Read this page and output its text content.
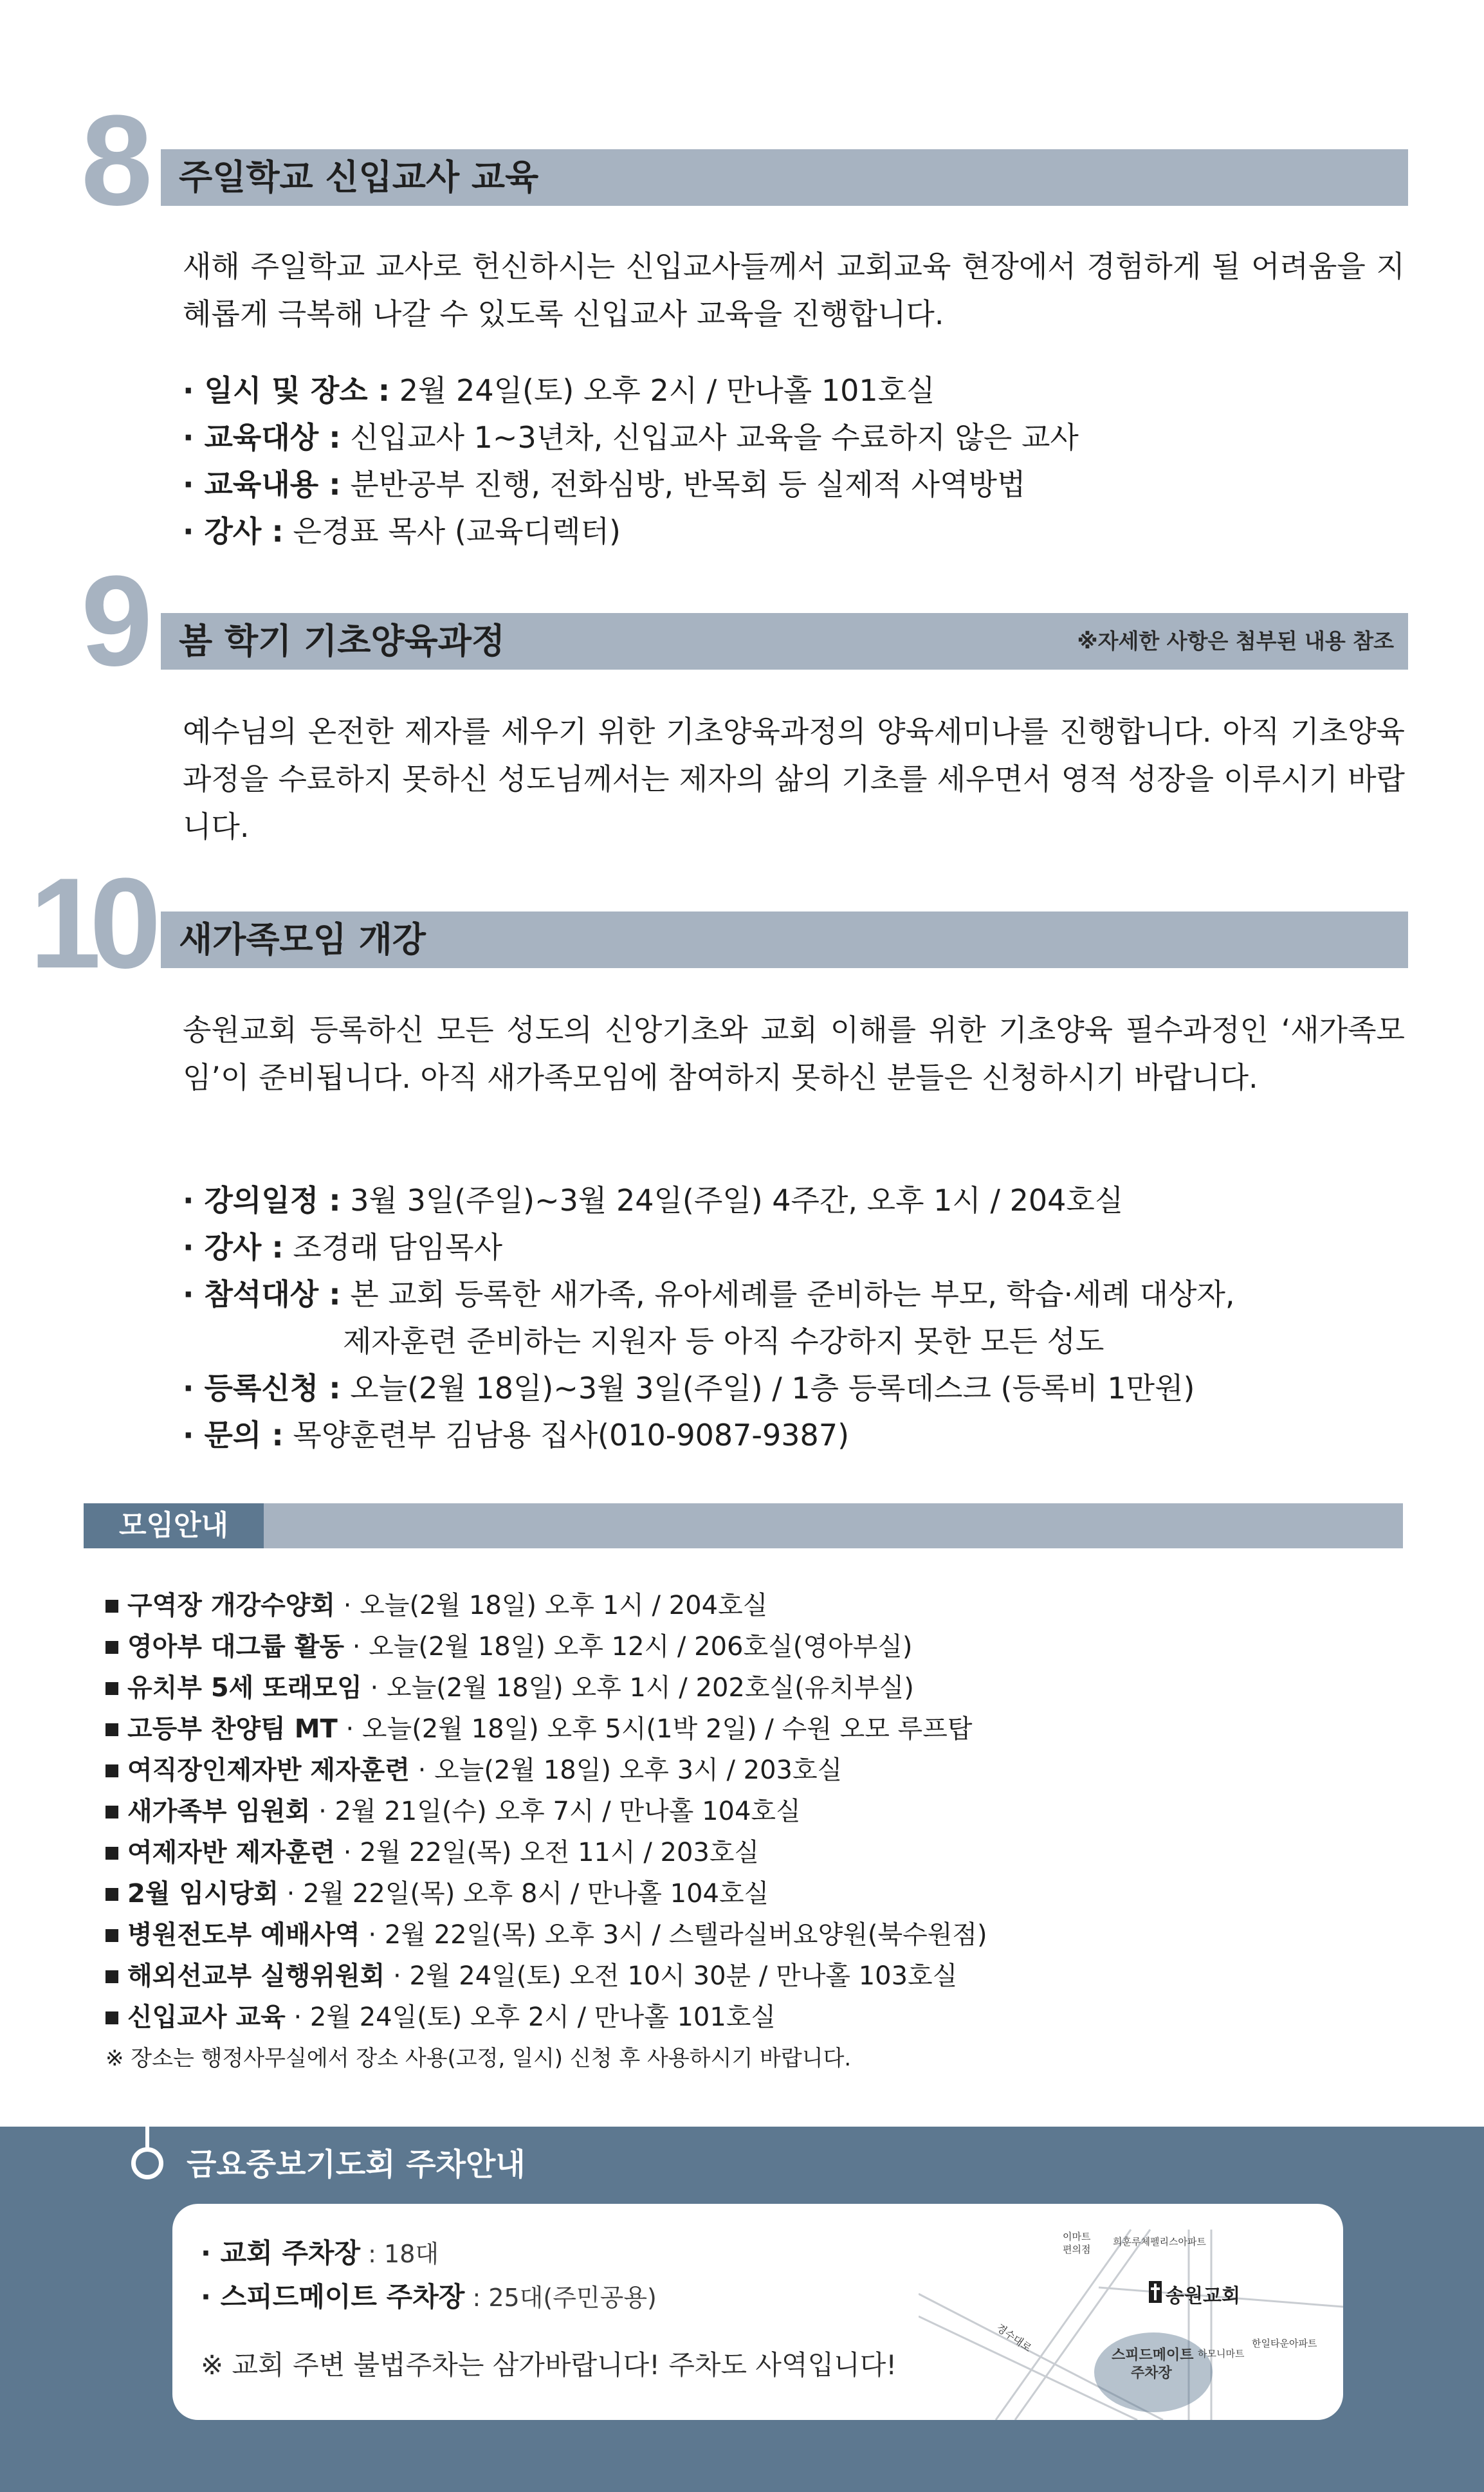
8 주일학교 신입교사 교육
새해 주일학교 교사로 헌신하시는 신입교사들께서 교회교육 현장에서 경험하게 될 어려움을 지혜롭게 극복해 나갈 수 있도록 신입교사 교육을 진행합니다.
· 일시 및 장소 : 2월 24일(토) 오후 2시 / 만나홀 101호실
· 교육대상 : 신입교사 1~3년차, 신입교사 교육을 수료하지 않은 교사
· 교육내용 : 분반공부 진행, 전화심방, 반목회 등 실제적 사역방법
· 강사 : 은경표 목사 (교육디렉터)
9 봄 학기 기초양육과정	※자세한 사항은 첨부된 내용 참조
예수님의 온전한 제자를 세우기 위한 기초양육과정의 양육세미나를 진행합니다. 아직 기초양육과정을 수료하지 못하신 성도님께서는 제자의 삶의 기초를 세우면서 영적 성장을 이루시기 바랍니다.
10 새가족모임 개강
송원교회 등록하신 모든 성도의 신앙기초와 교회 이해를 위한 기초양육 필수과정인 ‘새가족모임’이 준비됩니다. 아직 새가족모임에 참여하지 못하신 분들은 신청하시기 바랍니다.
· 강의일정 : 3월 3일(주일)~3월 24일(주일) 4주간, 오후 1시 / 204호실
· 강사 : 조경래 담임목사
· 참석대상 : 본 교회 등록한 새가족, 유아세례를 준비하는 부모, 학습·세례 대상자,
제자훈련 준비하는 지원자 등 아직 수강하지 못한 모든 성도
· 등록신청 : 오늘(2월 18일)~3월 3일(주일) / 1층 등록데스크 (등록비 1만원)
· 문의 : 목양훈련부 김남용 집사(010-9087-9387)
모임안내
구역장 개강수양회 · 오늘(2월 18일) 오후 1시 / 204호실
영아부 대그룹 활동 · 오늘(2월 18일) 오후 12시 / 206호실(영아부실)
유치부 5세 또래모임 · 오늘(2월 18일) 오후 1시 / 202호실(유치부실)
고등부 찬양팀 MT · 오늘(2월 18일) 오후 5시(1박 2일) / 수원 오모 루프탑
여직장인제자반 제자훈련 · 오늘(2월 18일) 오후 3시 / 203호실
새가족부 임원회 · 2월 21일(수) 오후 7시 / 만나홀 104호실
여제자반 제자훈련 · 2월 22일(목) 오전 11시 / 203호실
2월 임시당회 · 2월 22일(목) 오후 8시 / 만나홀 104호실
병원전도부 예배사역 · 2월 22일(목) 오후 3시 / 스텔라실버요양원(북수원점)
해외선교부 실행위원회 · 2월 24일(토) 오전 10시 30분 / 만나홀 103호실
신입교사 교육 · 2월 24일(토) 오후 2시 / 만나홀 101호실
※ 장소는 행정사무실에서 장소 사용(고정, 일시) 신청 후 사용하시기 바랍니다.
금요중보기도회 주차안내
· 교회 주차장 : 18대
· 스피드메이트 주차장 : 25대(주민공용)
※ 교회 주변 불법주차는 삼가바랍니다! 주차도 사역입니다!
이마트
편의점
희훈루체펠리스아파트
송원교회
경수대로
스피드메이트
주차장
하모니마트
한일타운아파트
